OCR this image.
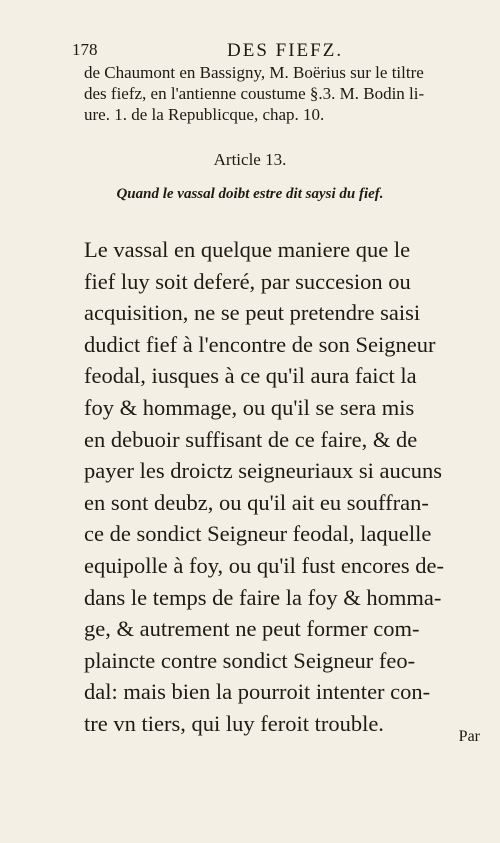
178	DES FIEFZ.
de Chaumont en Bassigny, M. Boërius sur le tiltre
des fiefz, en l'antienne coustume §.3. M. Bodin li-
ure. 1. de la Republicque, chap. 10.
Article 13.
Quand le vassal doibt estre dit saysi du fief.
Le vassal en quelque maniere que le
fief luy soit deferé, par succesion ou
acquisition, ne se peut pretendre saisi
dudict fief à l'encontre de son Seigneur
feodal, iusques à ce qu'il aura faict la
foy & hommage, ou qu'il se sera mis
en debuoir suffisant de ce faire, & de
payer les droictz seigneuriaux si aucuns
en sont deubz, ou qu'il ait eu souffran-
ce de sondict Seigneur feodal, laquelle
equipolle à foy, ou qu'il fust encores de-
dans le temps de faire la foy & homma-
ge, & autrement ne peut former com-
plaincte contre sondict Seigneur feo-
dal: mais bien la pourroit intenter con-
tre vn tiers, qui luy feroit trouble.
Par
